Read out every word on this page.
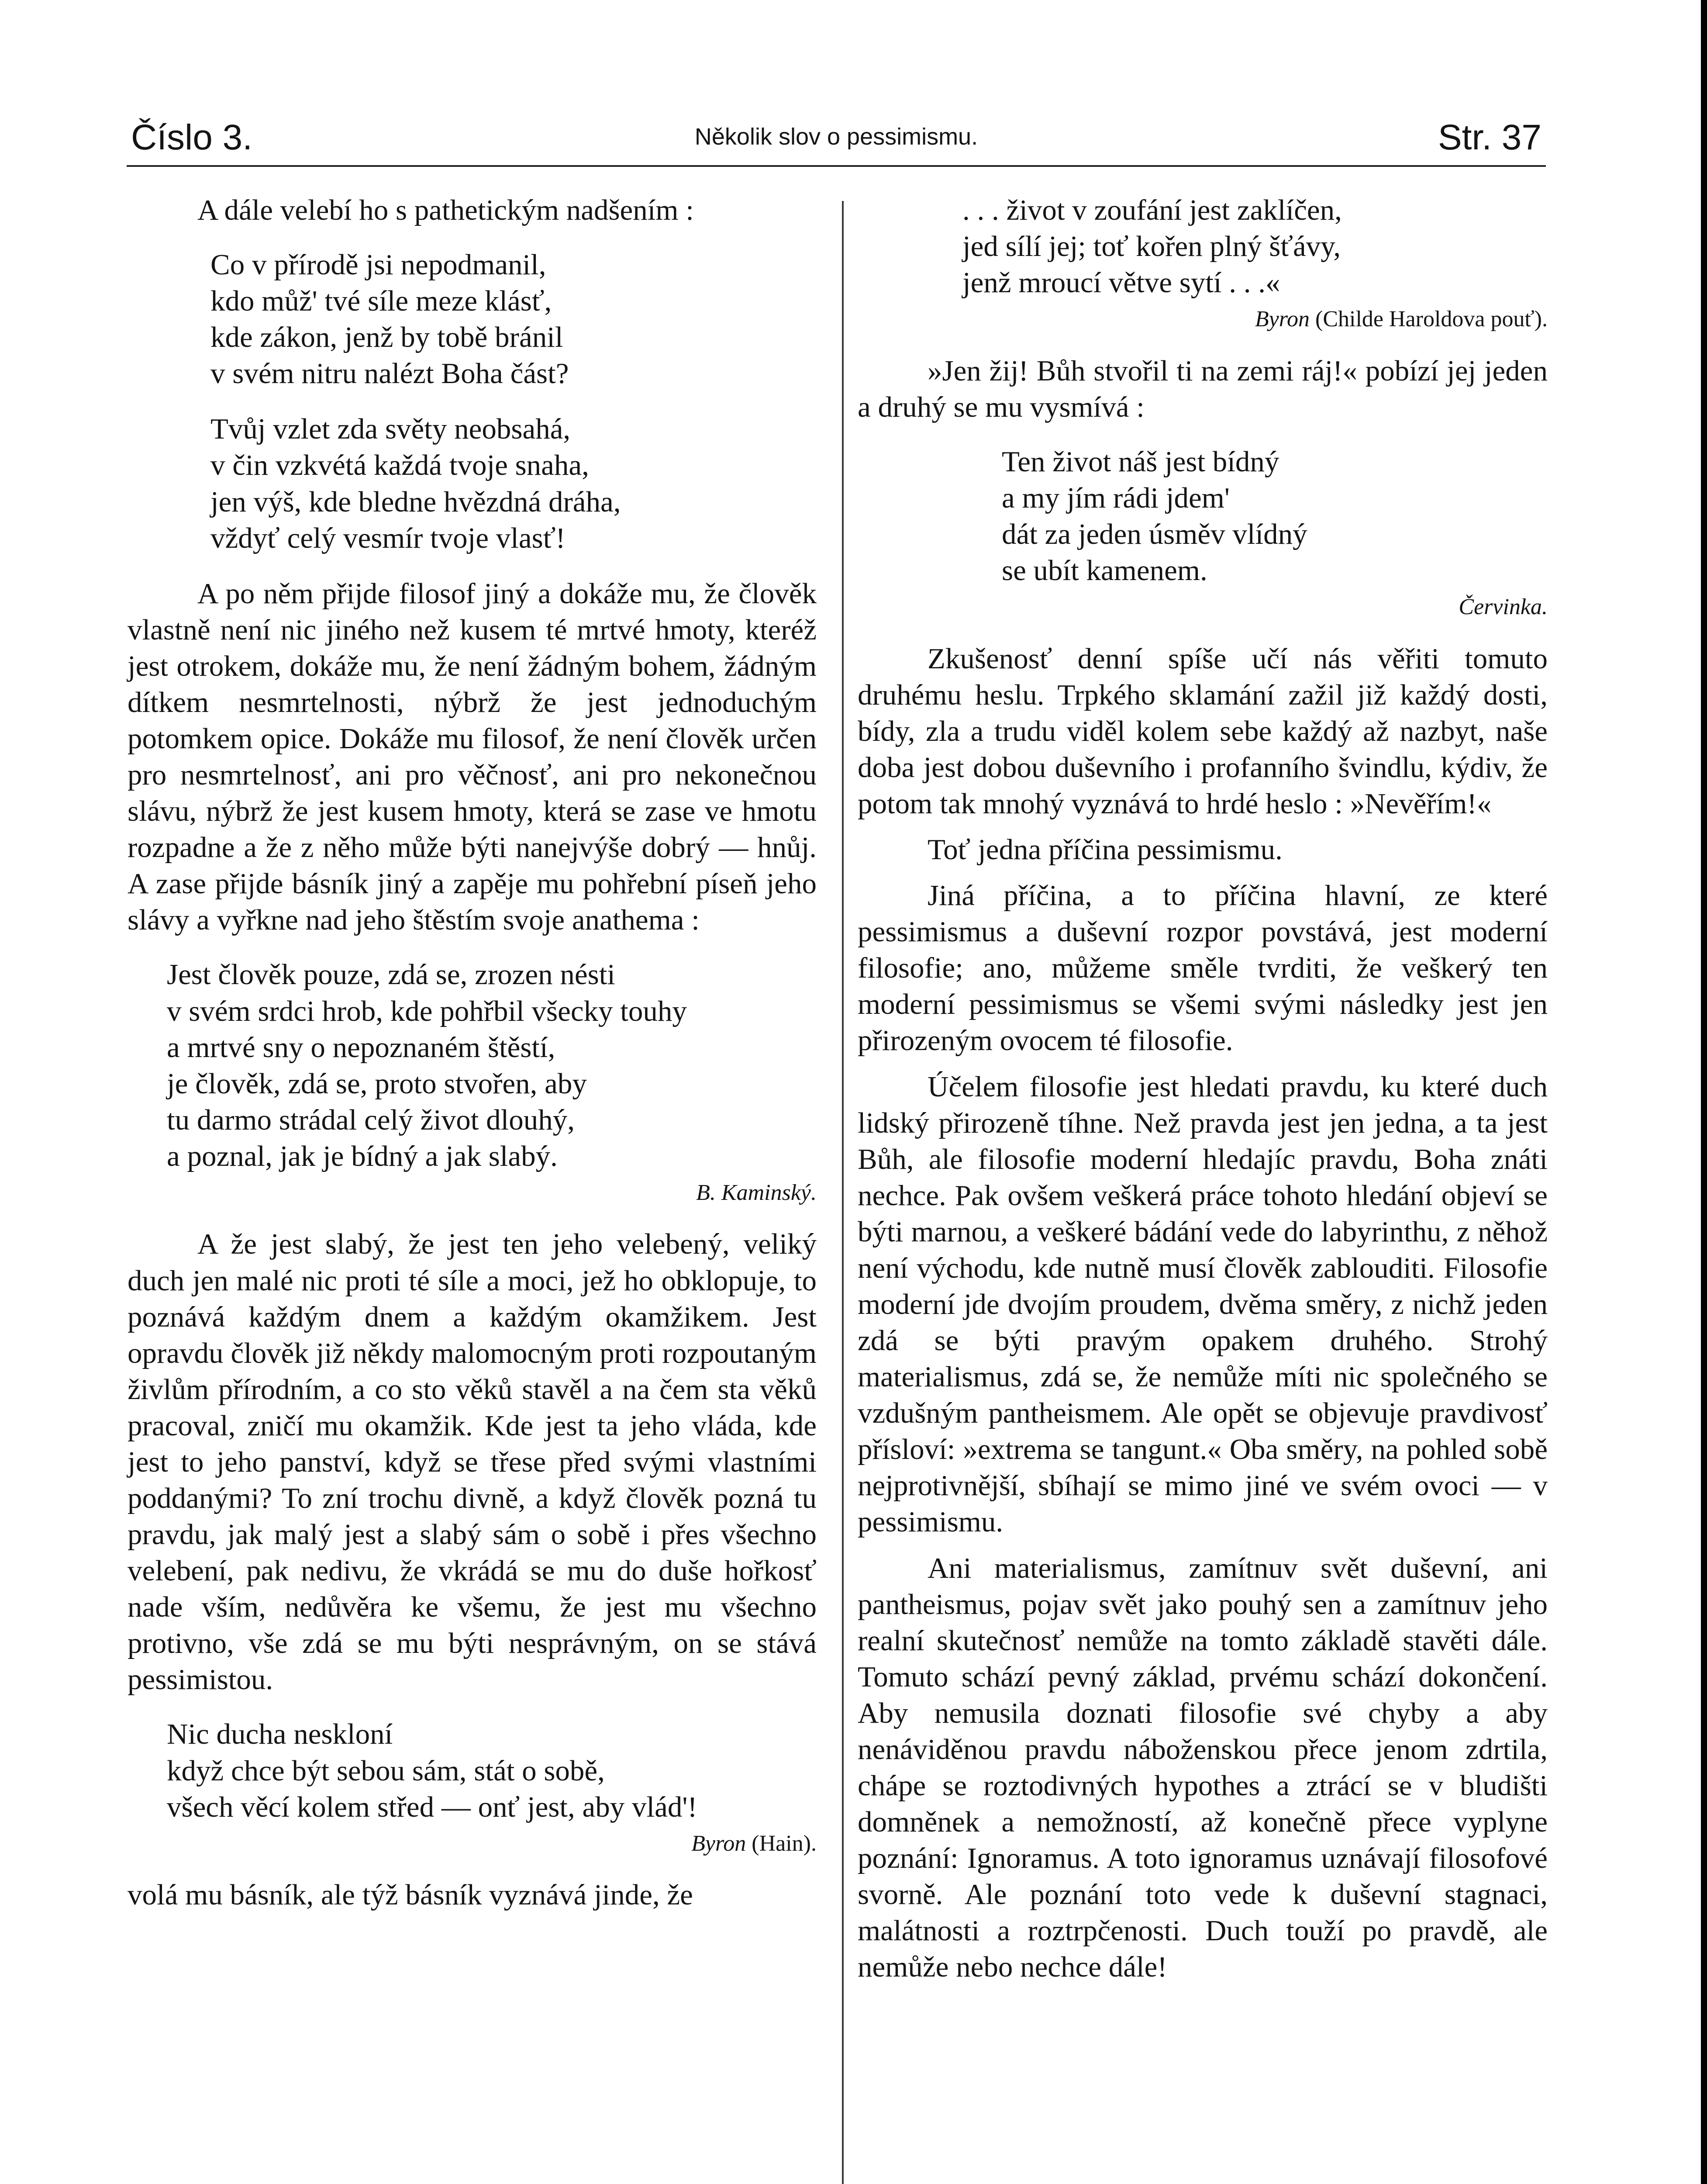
Číslo 3.	Několik slov o pessimismu.	Str. 37

A dále velebí ho s pathetickým nadšením :

Co v přírodě jsi nepodmanil,
kdo můž' tvé síle meze klásť,
kde zákon, jenž by tobě bránil
v svém nitru nalézt Boha část?
Tvůj vzlet zda světy neobsahá,
v čin vzkvétá každá tvoje snaha,
jen výš, kde bledne hvězdná dráha,
vždyť celý vesmír tvoje vlasť!

A po něm přijde filosof jiný a dokáže mu, že člověk vlastně není nic jiného než kusem té mrtvé hmoty, kteréž jest otrokem, dokáže mu, že není žádným bohem, žádným dítkem nesmrtelnosti, nýbrž že jest jednoduchým potomkem opice. Dokáže mu filosof, že není člověk určen pro nesmrtelnosť, ani pro věčnosť, ani pro nekonečnou slávu, nýbrž že jest kusem hmoty, která se zase ve hmotu rozpadne a že z něho může býti nanejvýše dobrý — hnůj. A zase přijde básník jiný a zapěje mu pohřební píseň jeho slávy a vyřkne nad jeho štěstím svoje anathema :

Jest člověk pouze, zdá se, zrozen nésti
v svém srdci hrob, kde pohřbil všecky touhy
a mrtvé sny o nepoznaném štěstí,
je člověk, zdá se, proto stvořen, aby
tu darmo strádal celý život dlouhý,
a poznal, jak je bídný a jak slabý.
B. Kaminský.

A že jest slabý, že jest ten jeho velebený, veliký duch jen malé nic proti té síle a moci, jež ho obklopuje, to poznává každým dnem a každým okamžikem. Jest opravdu člověk již někdy malomocným proti rozpoutaným živlům přírodním, a co sto věků stavěl a na čem sta věků pracoval, zničí mu okamžik. Kde jest ta jeho vláda, kde jest to jeho panství, když se třese před svými vlastními poddanými? To zní trochu divně, a když člověk pozná tu pravdu, jak malý jest a slabý sám o sobě i přes všechno velebení, pak nedivu, že vkrádá se mu do duše hořkosť nade vším, nedůvěra ke všemu, že jest mu všechno protivno, vše zdá se mu býti nesprávným, on se stává pessimistou.

Nic ducha neskloní
když chce být sebou sám, stát o sobě,
všech věcí kolem střed — onť jest, aby vlád'!
Byron (Hain).

volá mu básník, ale týž básník vyznává jinde, že

. . . život v zoufání jest zaklíčen,
jed sílí jej; toť kořen plný šťávy,
jenž mroucí větve sytí . . .«
Byron (Childe Haroldova pouť).

»Jen žij! Bůh stvořil ti na zemi ráj!« pobízí jej jeden a druhý se mu vysmívá :

Ten život náš jest bídný
a my jím rádi jdem'
dát za jeden úsměv vlídný
se ubít kamenem.
Červinka.

Zkušenosť denní spíše učí nás věřiti tomuto druhému heslu. Trpkého sklamání zažil již každý dosti, bídy, zla a trudu viděl kolem sebe každý až nazbyt, naše doba jest dobou duševního i profanního švindlu, kýdiv, že potom tak mnohý vyznává to hrdé heslo : »Nevěřím!«

Toť jedna příčina pessimismu.

Jiná příčina, a to příčina hlavní, ze které pessimismus a duševní rozpor povstává, jest moderní filosofie; ano, můžeme směle tvrditi, že veškerý ten moderní pessimismus se všemi svými následky jest jen přirozeným ovocem té filosofie.

Účelem filosofie jest hledati pravdu, ku které duch lidský přirozeně tíhne. Než pravda jest jen jedna, a ta jest Bůh, ale filosofie moderní hledajíc pravdu, Boha znáti nechce. Pak ovšem veškerá práce tohoto hledání objeví se býti marnou, a veškeré bádání vede do labyrinthu, z něhož není východu, kde nutně musí člověk zablouditi. Filosofie moderní jde dvojím proudem, dvěma směry, z nichž jeden zdá se býti pravým opakem druhého. Strohý materialismus, zdá se, že nemůže míti nic společného se vzdušným pantheismem. Ale opět se objevuje pravdivosť přísloví: »extrema se tangunt.« Oba směry, na pohled sobě nejprotivnější, sbíhají se mimo jiné ve svém ovoci — v pessimismu.

Ani materialismus, zamítnuv svět duševní, ani pantheismus, pojav svět jako pouhý sen a zamítnuv jeho realní skutečnosť nemůže na tomto základě stavěti dále. Tomuto schází pevný základ, prvému schází dokončení. Aby nemusila doznati filosofie své chyby a aby nenáviděnou pravdu náboženskou přece jenom zdrtila, chápe se roztodivných hypothes a ztrácí se v bludišti domněnek a nemožností, až konečně přece vyplyne poznání: Ignoramus. A toto ignoramus uznávají filosofové svorně. Ale poznání toto vede k duševní stagnaci, malátnosti a roztrpčenosti. Duch touží po pravdě, ale nemůže nebo nechce dále!
